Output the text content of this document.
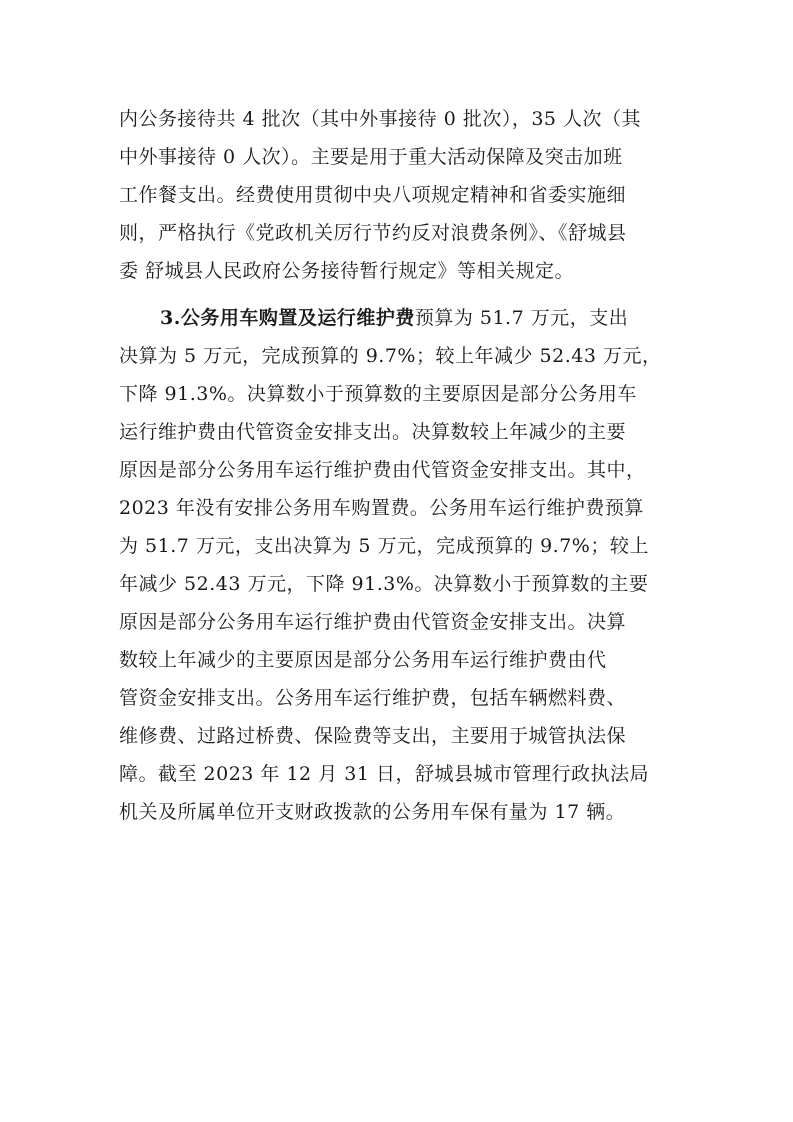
内公务接待共 4 批次（其中外事接待 0 批次），35 人次（其
中外事接待 0 人次）。主要是用于重大活动保障及突击加班
工作餐支出。经费使用贯彻中央八项规定精神和省委实施细
则，严格执行《党政机关厉行节约反对浪费条例》、《舒城县
委 舒城县人民政府公务接待暂行规定》等相关规定。
3.公务用车购置及运行维护费预算为 51.7 万元，支出
决算为 5 万元，完成预算的 9.7%；较上年减少 52.43 万元，
下降 91.3%。决算数小于预算数的主要原因是部分公务用车
运行维护费由代管资金安排支出。决算数较上年减少的主要
原因是部分公务用车运行维护费由代管资金安排支出。其中，
2023 年没有安排公务用车购置费。公务用车运行维护费预算
为 51.7 万元，支出决算为 5 万元，完成预算的 9.7%；较上
年减少 52.43 万元，下降 91.3%。决算数小于预算数的主要
原因是部分公务用车运行维护费由代管资金安排支出。决算
数较上年减少的主要原因是部分公务用车运行维护费由代
管资金安排支出。公务用车运行维护费，包括车辆燃料费、
维修费、过路过桥费、保险费等支出，主要用于城管执法保
障。截至 2023 年 12 月 31 日，舒城县城市管理行政执法局
机关及所属单位开支财政拨款的公务用车保有量为 17 辆。
